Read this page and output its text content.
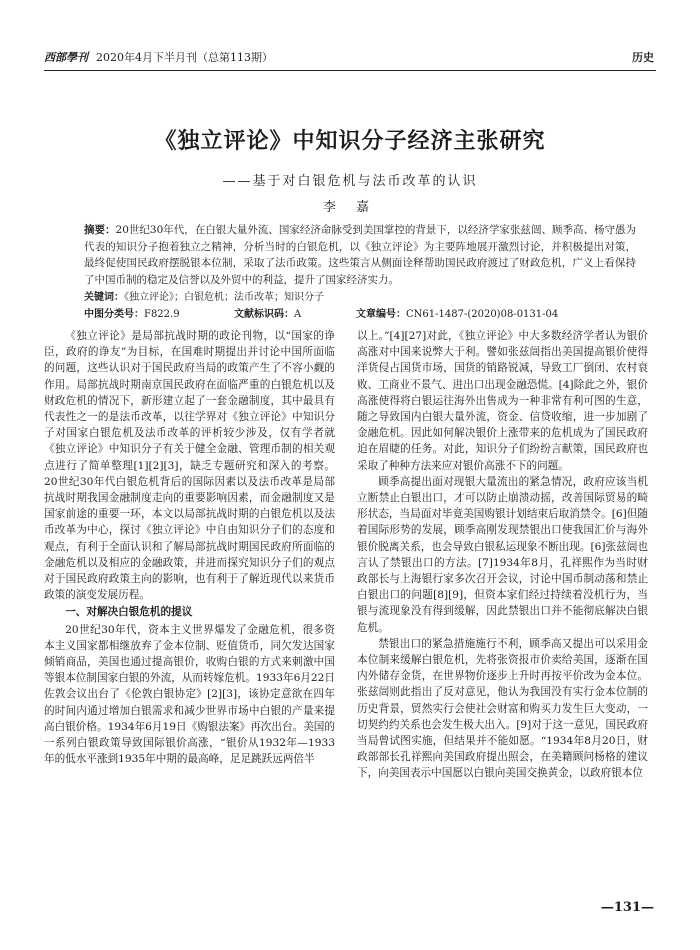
西部學刊 2020年4月下半月刊（总第113期）	历史
《独立评论》中知识分子经济主张研究
——基于对白银危机与法币改革的认识
李 嘉
摘要：20世纪30年代，在白银大量外流、国家经济命脉受到美国掌控的背景下，以经济学家张兹闿、顾季高、杨守愚为代表的知识分子抱着独立之精神，分析当时的白银危机，以《独立评论》为主要阵地展开激烈讨论，并积极提出对策，最终促使国民政府摆脱银本位制，采取了法币政策。这些策言从侧面诠释帮助国民政府渡过了财政危机，广义上看保持了中国币制的稳定及信誉以及外贸中的利益，提升了国家经济实力。
关键词：《独立评论》；白银危机；法币改革；知识分子
中图分类号：F822.9	文献标识码：A	文章编号：CN61-1487-(2020)08-0131-04

《独立评论》是局部抗战时期的政论刊物，以“国家的诤臣，政府的诤友”为目标，在国难时期提出并讨论中国所面临的问题，这些认识对于国民政府当局的政策产生了不容小觑的作用。局部抗战时期南京国民政府在面临严重的白银危机以及财政危机的情况下，新形建立起了一套金融制度，其中最具有代表性之一的是法币改革，以往学界对《独立评论》中知识分子对国家白银危机及法币改革的评析较少涉及，仅有学者就《独立评论》中知识分子有关于健全金融、管理币制的相关观点进行了简单整理[1][2][3]，缺乏专题研究和深入的考察。20世纪30年代白银危机背后的国际因素以及法币改革是局部抗战时期我国金融制度走向的重要影响因素，而金融制度又是国家前途的重要一环，本文以局部抗战时期的白银危机以及法币改革为中心，探讨《独立评论》中自由知识分子们的态度和观点，有利于全面认识和了解局部抗战时期国民政府所面临的金融危机以及相应的金融政策，并进而探究知识分子们的观点对于国民政府政策主向的影响，也有利于了解近现代以来货币政策的演变发展历程。

一、对解决白银危机的提议

20世纪30年代，资本主义世界爆发了金融危机，很多资本主义国家都相继放弃了金本位制、贬值货币，同欠发达国家倾销商品，美国也通过提高银价，收购白银的方式来刺激中国等银本位制国家白银的外流，从而转嫁危机。1933年6月22日佐敦会议出台了《伦敦白银协定》[2][3]，该协定意欲在四年的时间内通过增加白银需求和减少世界市场中白银的产量来提高白银价格。1934年6月19日《购银法案》再次出台。美国的一系列白银政策导致国际银价高涨，“银价从1932年—1933年的低水平涨到1935年中期的最高峰，足足跳跃远两倍半

以上。”[4][27]对此，《独立评论》中大多数经济学者认为银价高涨对中国来说弊大于利。譬如张兹闿指出美国提高银价使得洋货侵占国货市场，国货的销路锐减，导致工厂倒闭、农村衰败、工商业不景气、进出口出现金融恐慌。[4]除此之外，银价高涨使得将白银运往海外出售成为一种非常有利可图的生意，随之导致国内白银大量外流，资金、信贷收缩，进一步加剧了金融危机。因此如何解决银价上涨带来的危机成为了国民政府迫在眉睫的任务。对此，知识分子们纷纷言献策，国民政府也采取了种种方法来应对银价高涨不下的问题。

顾季高提出面对现银大量流出的紧急情况，政府应该当机立断禁止白银出口，才可以防止崩溃动摇，改善国际贸易的畸形状态，当局面对毕竟美国购银计划结束后取消禁令。[6]但随着国际形势的发展，顾季高刚发现禁银出口使我国汇价与海外银价脱离关系，也会导致白银私运现象不断出现。[6]张兹闿也言认了禁银出口的方法。[7]1934年8月，孔祥熙作为当时财政部长与上海银行家多次召开会议，讨论中国币制动荡和禁止白银出口的问题[8][9]，但资本家们经过持续着没机行为，当银与流现象没有得到缓解，因此禁银出口并不能彻底解决白银危机。

禁银出口的紧急措施施行不利，顾季高又提出可以采用金本位制来缓解白银危机，先将张资报市价卖给美国，逐渐在国内外储存金货，在世界物价逐步上升时再按平价改为金本位。张兹闿则此指出了反对意见，他认为我国没有实行金本位制的历史背景，贸然实行会使社会财富和购买力发生巨大变动，一切契约约关系也会发生极大出入。[9]对于这一意见，国民政府当局曾试图实施，但结果并不能如愿。“1934年8月20日，财政部部长孔祥熙向美国政府提出照会，在美籍顾问杨格的建议下，向美国表示中国愿以白银向美国交换黄金，以政府银本位

—131—
